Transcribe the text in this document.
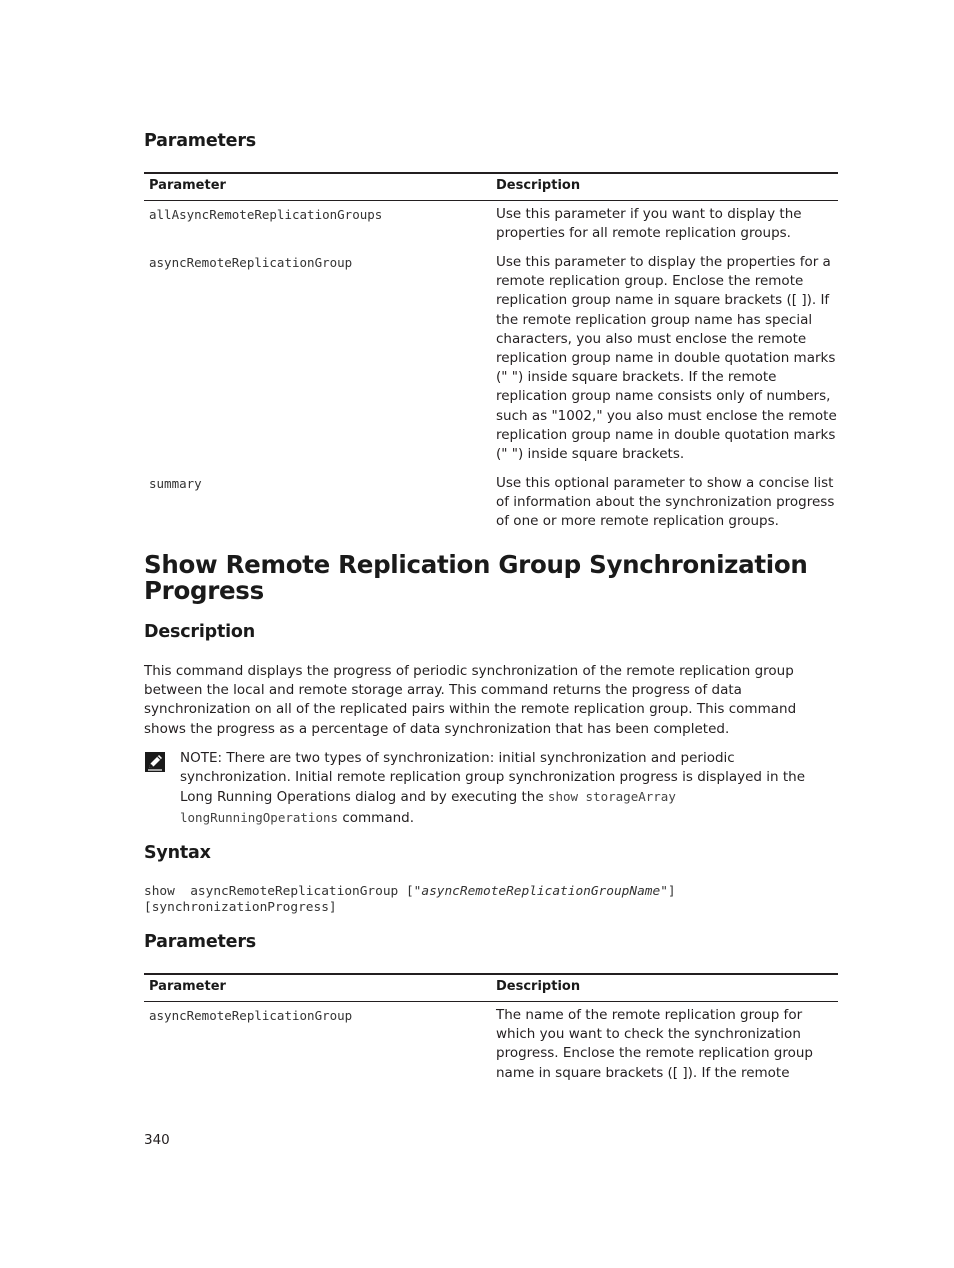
Parameters
Parameter	Description
allAsyncRemoteReplicationGroups	Use this parameter if you want to display the properties for all remote replication groups.
asyncRemoteReplicationGroup	Use this parameter to display the properties for a remote replication group. Enclose the remote replication group name in square brackets ([ ]). If the remote replication group name has special characters, you also must enclose the remote replication group name in double quotation marks (" ") inside square brackets. If the remote replication group name consists only of numbers, such as "1002," you also must enclose the remote replication group name in double quotation marks (" ") inside square brackets.
summary	Use this optional parameter to show a concise list of information about the synchronization progress of one or more remote replication groups.
Show Remote Replication Group Synchronization Progress
Description

This command displays the progress of periodic synchronization of the remote replication group between the local and remote storage array. This command returns the progress of data synchronization on all of the replicated pairs within the remote replication group. This command shows the progress as a percentage of data synchronization that has been completed.

NOTE: There are two types of synchronization: initial synchronization and periodic synchronization. Initial remote replication group synchronization progress is displayed in the Long Running Operations dialog and by executing the show storageArray longRunningOperations command.
Syntax
show  asyncRemoteReplicationGroup ["asyncRemoteReplicationGroupName"]
[synchronizationProgress]
Parameters
Parameter	Description
asyncRemoteReplicationGroup	The name of the remote replication group for which you want to check the synchronization progress. Enclose the remote replication group name in square brackets ([ ]). If the remote
340
